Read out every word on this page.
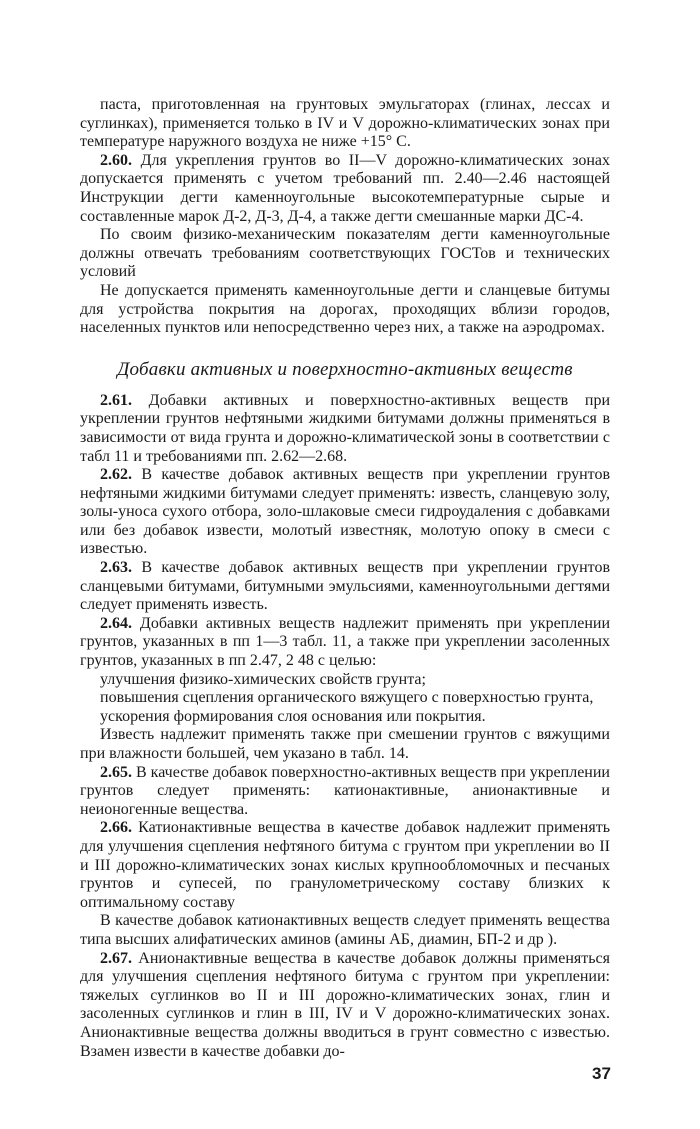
паста, приготовленная на грунтовых эмульгаторах (глинах, лессах и суглинках), применяется только в IV и V дорожно-климатических зонах при температуре наружного воздуха не ниже +15° С.

2.60. Для укрепления грунтов во II—V дорожно-климатических зонах допускается применять с учетом требований пп. 2.40—2.46 настоящей Инструкции дегти каменноугольные высокотемпературные сырые и составленные марок Д-2, Д-3, Д-4, а также дегти смешанные марки ДС-4.

По своим физико-механическим показателям дегти каменноугольные должны отвечать требованиям соответствующих ГОСТов и технических условий

Не допускается применять каменноугольные дегти и сланцевые битумы для устройства покрытия на дорогах, проходящих вблизи городов, населенных пунктов или непосредственно через них, а также на аэродромах.

Добавки активных и поверхностно-активных веществ

2.61. Добавки активных и поверхностно-активных веществ при укреплении грунтов нефтяными жидкими битумами должны применяться в зависимости от вида грунта и дорожно-климатической зоны в соответствии с табл 11 и требованиями пп. 2.62—2.68.

2.62. В качестве добавок активных веществ при укреплении грунтов нефтяными жидкими битумами следует применять: известь, сланцевую золу, золы-уноса сухого отбора, золо-шлаковые смеси гидроудаления с добавками или без добавок извести, молотый известняк, молотую опоку в смеси с известью.

2.63. В качестве добавок активных веществ при укреплении грунтов сланцевыми битумами, битумными эмульсиями, каменноугольными дегтями следует применять известь.

2.64. Добавки активных веществ надлежит применять при укреплении грунтов, указанных в пп 1—3 табл. 11, а также при укреплении засоленных грунтов, указанных в пп 2.47, 2 48 с целью:

улучшения физико-химических свойств грунта;

повышения сцепления органического вяжущего с поверхностью грунта,

ускорения формирования слоя основания или покрытия.

Известь надлежит применять также при смешении грунтов с вяжущими при влажности большей, чем указано в табл. 14.

2.65. В качестве добавок поверхностно-активных веществ при укреплении грунтов следует применять: катионактивные, анионактивные и неионогенные вещества.

2.66. Катионактивные вещества в качестве добавок надлежит применять для улучшения сцепления нефтяного битума с грунтом при укреплении во II и III дорожно-климатических зонах кислых крупнообломочных и песчаных грунтов и супесей, по гранулометрическому составу близких к оптимальному составу

В качестве добавок катионактивных веществ следует применять вещества типа высших алифатических аминов (амины АБ, диамин, БП-2 и др ).

2.67. Анионактивные вещества в качестве добавок должны применяться для улучшения сцепления нефтяного битума с грунтом при укреплении: тяжелых суглинков во II и III дорожно-климатических зонах, глин и засоленных суглинков и глин в III, IV и V дорожно-климатических зонах. Анионактивные вещества должны вводиться в грунт совместно с известью. Взамен извести в качестве добавки до-

37
